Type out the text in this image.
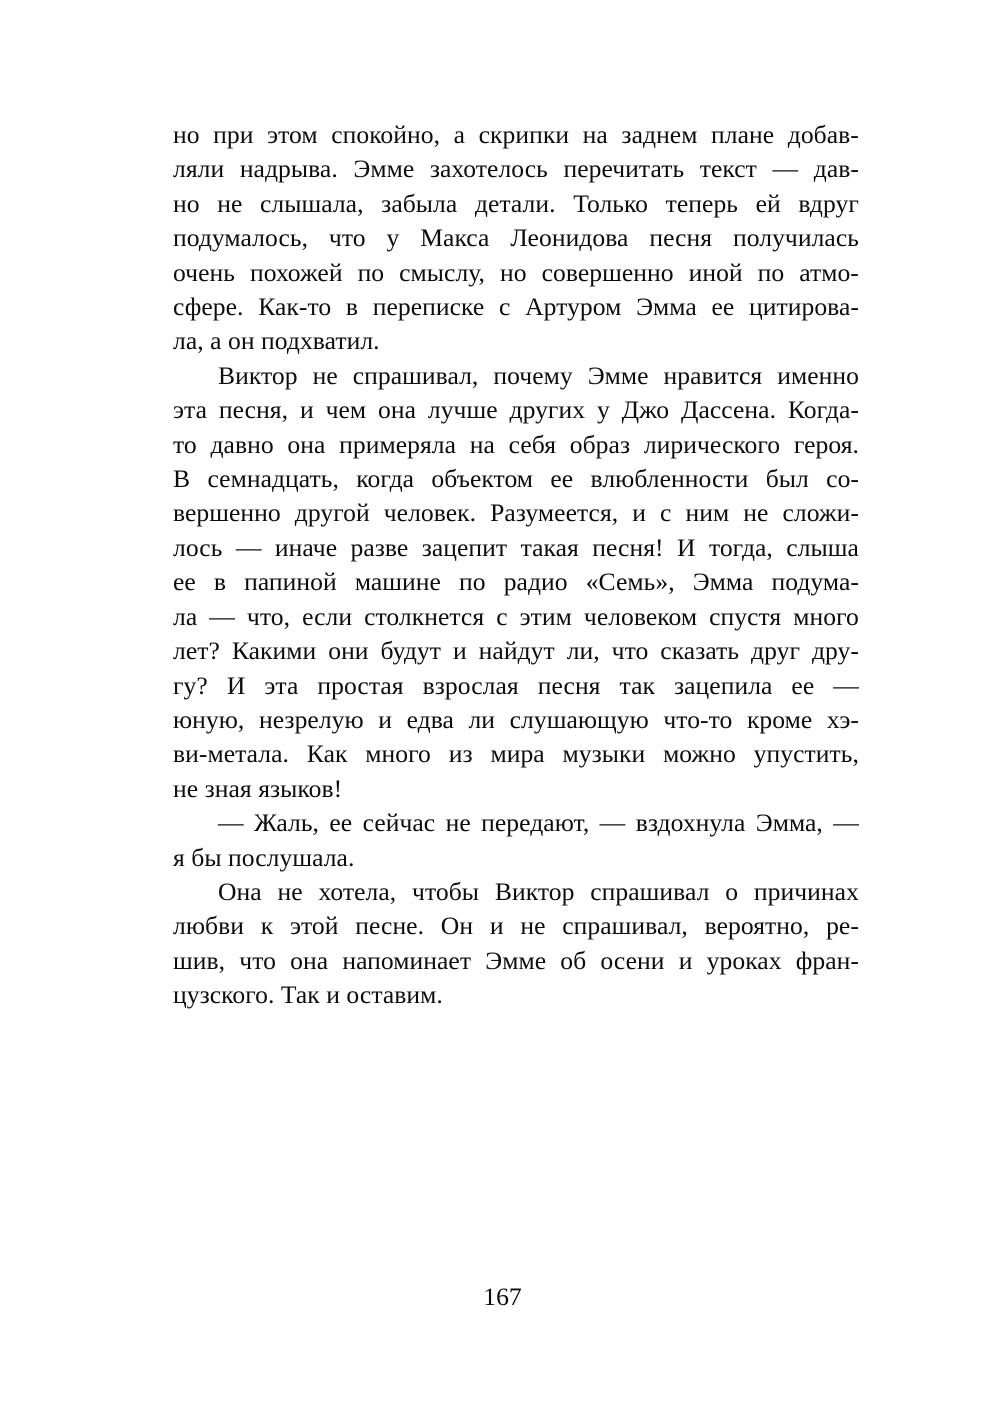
но при этом спокойно, а скрипки на заднем плане добав-
ляли надрыва. Эмме захотелось перечитать текст — дав-
но не слышала, забыла детали. Только теперь ей вдруг
подумалось, что у Макса Леонидова песня получилась
очень похожей по смыслу, но совершенно иной по атмо-
сфере. Как-то в переписке с Артуром Эмма ее цитирова-
ла, а он подхватил.

Виктор не спрашивал, почему Эмме нравится именно
эта песня, и чем она лучше других у Джо Дассена. Когда-
то давно она примеряла на себя образ лирического героя.
В семнадцать, когда объектом ее влюбленности был со-
вершенно другой человек. Разумеется, и с ним не сложи-
лось — иначе разве зацепит такая песня! И тогда, слыша
ее в папиной машине по радио «Семь», Эмма подума-
ла — что, если столкнется с этим человеком спустя много
лет? Какими они будут и найдут ли, что сказать друг дру-
гу? И эта простая взрослая песня так зацепила ее —
юную, незрелую и едва ли слушающую что-то кроме хэ-
ви-метала. Как много из мира музыки можно упустить,
не зная языков!

— Жаль, ее сейчас не передают, — вздохнула Эмма, —
я бы послушала.

Она не хотела, чтобы Виктор спрашивал о причинах
любви к этой песне. Он и не спрашивал, вероятно, ре-
шив, что она напоминает Эмме об осени и уроках фран-
цузского. Так и оставим.

167
